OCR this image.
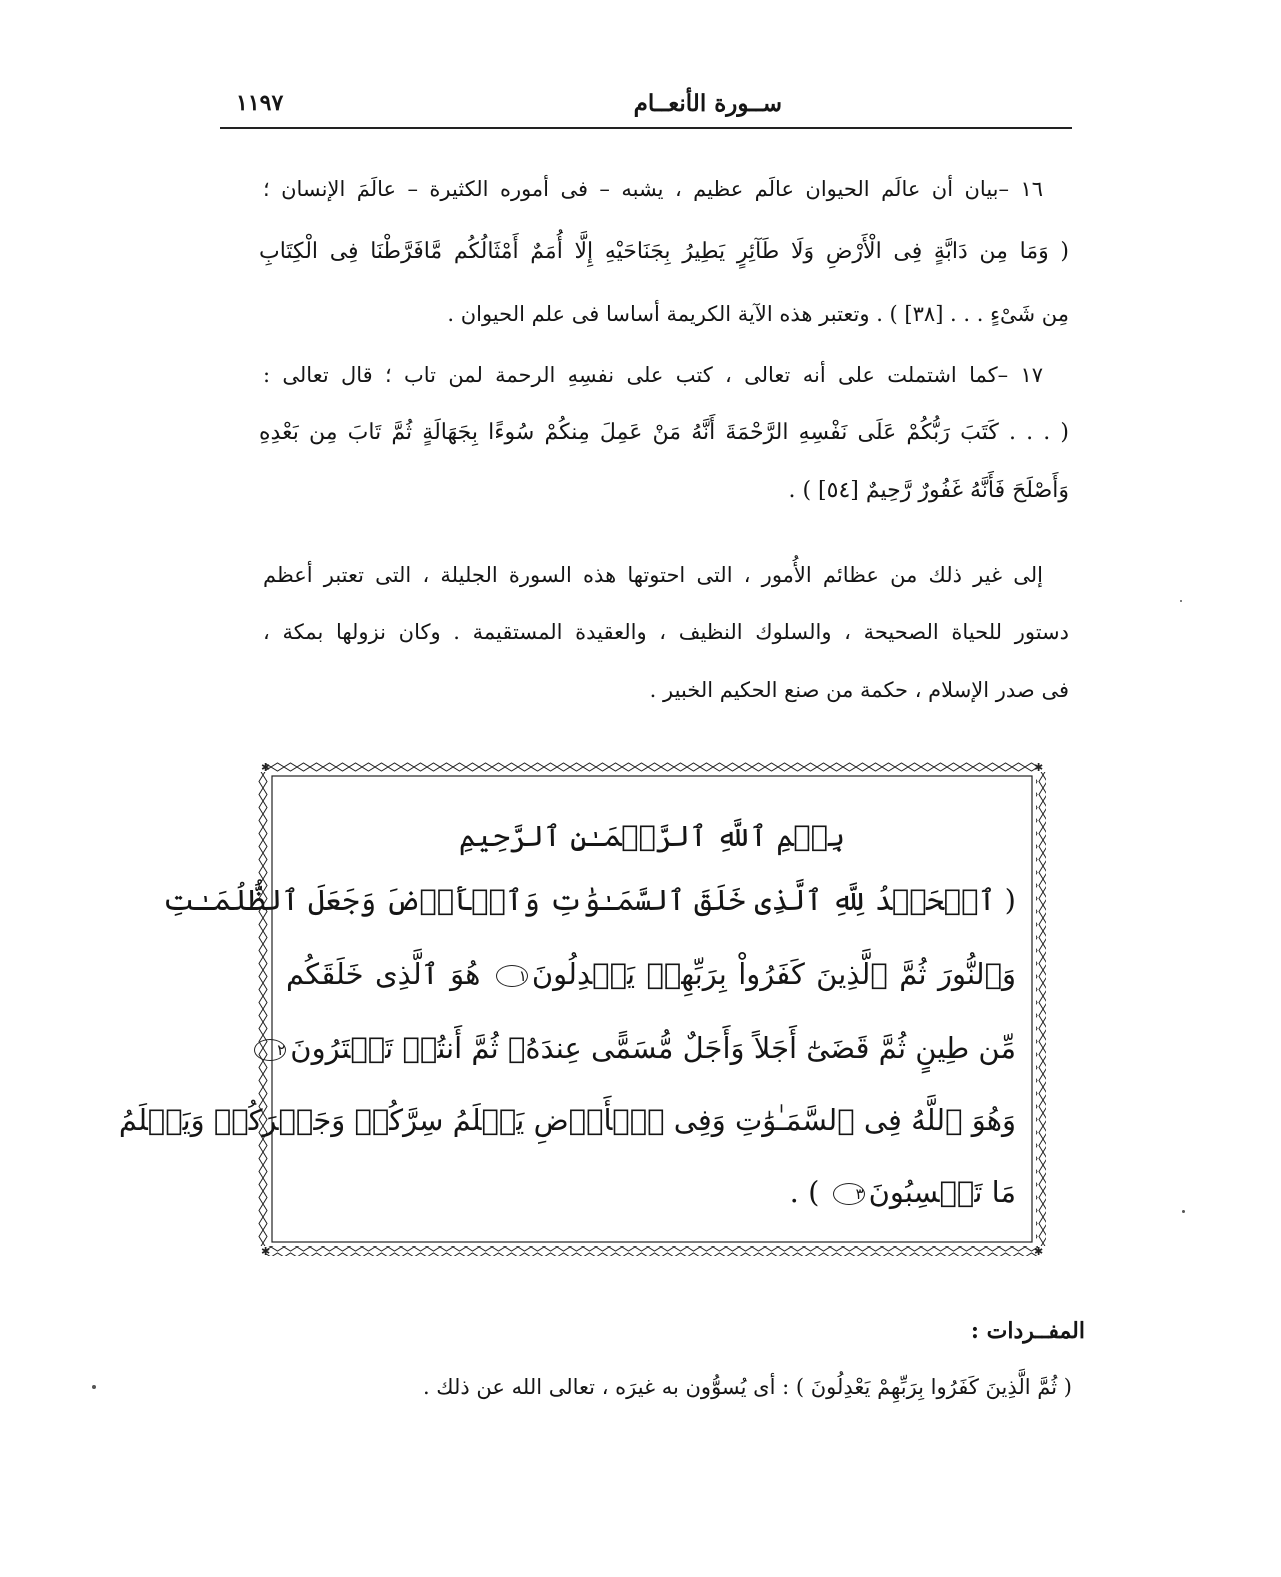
ســورة الأنعــام
١١٩٧
١٦ –بيان أن عالَم الحيوان عالَم عظيم ، يشبه – فى أموره الكثيرة – عالَمَ الإنسان ؛
( وَمَا مِن دَابَّةٍ فِى الْأَرْضِ وَلَا طَآئِرٍ يَطِيرُ بِجَنَاحَيْهِ إِلَّا أُمَمٌ أَمْثَالُكُم مَّافَرَّطْنَا فِى الْكِتَابِ
مِن شَىْءٍ . . . [٣٨] ) . وتعتبر هذه الآية الكريمة أساسا فى علم الحيوان .
١٧ –كما اشتملت على أنه تعالى ، كتب على نفسِهِ الرحمة لمن تاب ؛ قال تعالى :
( . . . كَتَبَ رَبُّكُمْ عَلَى نَفْسِهِ الرَّحْمَةَ أَنَّهُ مَنْ عَمِلَ مِنكُمْ سُوءًا بِجَهَالَةٍ ثُمَّ تَابَ مِن بَعْدِهِ
وَأَصْلَحَ فَأَنَّهُ غَفُورٌ رَّحِيمٌ [٥٤] ) .
إلى غير ذلك من عظائم الأُمور ، التى احتوتها هذه السورة الجليلة ، التى تعتبر أعظم
دستور للحياة الصحيحة ، والسلوك النظيف ، والعقيدة المستقيمة . وكان نزولها بمكة ،
فى صدر الإسلام ، حكمة من صنع الحكيم الخبير .
✱	✱
✱	✱
بِسۡمِ ٱللَّهِ ٱلرَّحۡمَـٰنِ ٱلرَّحِيمِ
( ٱلۡحَمۡدُ لِلَّهِ ٱلَّذِى خَلَقَ ٱلسَّمَـٰوَٰتِ وَٱلۡأَرۡضَ وَجَعَلَ ٱلظُّلُمَـٰتِ
وَٱلنُّورَ ثُمَّ ٱلَّذِينَ كَفَرُواْ بِرَبِّهِمۡ يَعۡدِلُونَ١ هُوَ ٱلَّذِى خَلَقَكُم
مِّن طِينٍ ثُمَّ قَضَىٰٓ أَجَلاً وَأَجَلٌ مُّسَمًّى عِندَهُۥ ثُمَّ أَنتُمۡ تَمۡتَرُونَ٢
وَهُوَ ٱللَّهُ فِى ٱلسَّمَـٰوَٰتِ وَفِى ٱلۡأَرۡضِ يَعۡلَمُ سِرَّكُمۡ وَجَهۡرَكُمۡ وَيَعۡلَمُ
مَا تَكۡسِبُونَ٣ ) .
المفــردات :
( ثُمَّ الَّذِينَ كَفَرُوا بِرَبِّهِمْ يَعْدِلُونَ ) : أى يُسوُّون به غيرَه ، تعالى الله عن ذلك .
